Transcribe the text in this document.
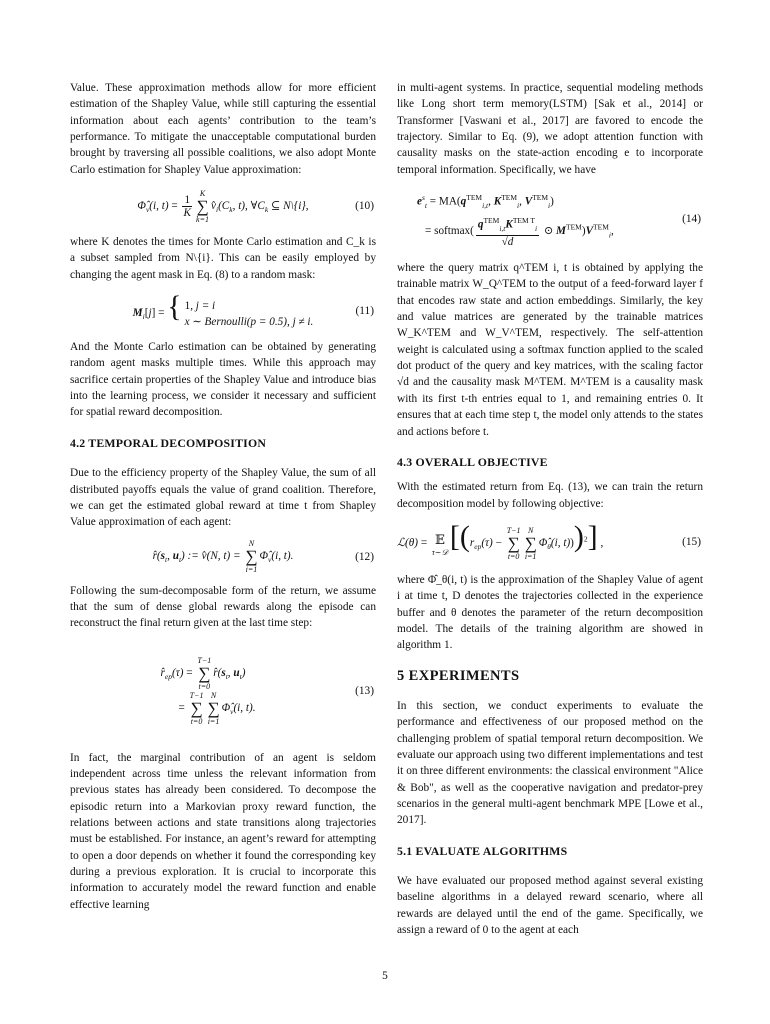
Value. These approximation methods allow for more efficient estimation of the Shapley Value, while still capturing the essential information about each agents’ contribution to the team’s performance. To mitigate the unacceptable computational burden brought by traversing all possible coalitions, we also adopt Monte Carlo estimation for Shapley Value approximation:

$\Phî_v(i$, $t) = \frac{1}{K}$
K
∑
k=1
$v̂_i(C_k$, t), $\forall C_k$ ⊆ N\{i},	(10)

where K denotes the times for Monte Carlo estimation and C_k is a subset sampled from N\{i}. This can be easily employed by changing the agent mask in Eq. (8) to a random mask:

$M_i[j]$ = { 1, j = i
x ∼ Bernoulli(p = 0.5), j ≠ i.
(11)

And the Monte Carlo estimation can be obtained by generating random agent masks multiple times. While this approach may sacrifice certain properties of the Shapley Value and introduce bias into the learning process, we consider it necessary and sufficient for spatial reward decomposition.

4.2 TEMPORAL DECOMPOSITION

Due to the efficiency property of the Shapley Value, the sum of all distributed payoffs equals the value of grand coalition. Therefore, we can get the estimated global reward at time t from Shapley Value approximation of each agent:

$r̂(s_t$, $u_t$) := v̂(N, t) =
N
∑
i=1
$\Phî_v(i$, t).	(12)

Following the sum-decomposable form of the return, we assume that the sum of dense global rewards along the episode can reconstruct the final return given at the last time step:

$r̂_{ep}(\tau)$ =
T−1
∑
t=0
$r̂(s_t$, $u_t$)
=
T−1
∑
t=0
N
∑
i=1
$\Phî_v(i$, t).
(13)

In fact, the marginal contribution of an agent is seldom independent across time unless the relevant information from previous states has already been considered. To decompose the episodic return into a Markovian proxy reward function, the relations between actions and state transitions along trajectories must be established. For instance, an agent’s reward for attempting to open a door depends on whether it found the corresponding key during a previous exploration. It is crucial to incorporate this information to accurately model the reward function and enable effective learning

in multi-agent systems. In practice, sequential modeling methods like Long short term memory(LSTM) [Sak et al., 2014] or Transformer [Vaswani et al., 2017] are favored to encode the trajectory. Similar to Eq. (9), we adopt attention function with causality masks on the state-action encoding e to incorporate temporal information. Specifically, we have

$e^s_t = MA(q^{TEM}_{i,t}$, $K^{TEM}_i$, $V^{TEM}_i$)
= softmax( $\frac{q^{TEM}_{i,t}K^{TEM T}_i}{√d}$ ⊙ $M^{TEM})V^{TEM}_i$,
(14)

where the query matrix q^TEM i, t is obtained by applying the trainable matrix W_Q^TEM to the output of a feed-forward layer f that encodes raw state and action embeddings. Similarly, the key and value matrices are generated by the trainable matrices W_K^TEM and W_V^TEM, respectively. The self-attention weight is calculated using a softmax function applied to the scaled dot product of the query and key matrices, with the scaling factor √d and the causality mask M^TEM. M^TEM is a causality mask with its first t-th entries equal to 1, and remaining entries 0. It ensures that at each time step t, the model only attends to the states and actions before t.

4.3 OVERALL OBJECTIVE

With the estimated return from Eq. (13), we can train the return decomposition model by following objective:

ℒ(θ) = 𝔼
τ∼𝒟 [($r_{ep}(\tau)$ −
T−1
∑
t=0
N
∑
i=1
$\Phî_\theta(i$, t)))$^2$] ,	(15)

where Φ̂_θ(i, t) is the approximation of the Shapley Value of agent i at time t, D denotes the trajectories collected in the experience buffer and θ denotes the parameter of the return decomposition model. The details of the training algorithm are showed in algorithm 1.

5 EXPERIMENTS

In this section, we conduct experiments to evaluate the performance and effectiveness of our proposed method on the challenging problem of spatial temporal return decomposition. We evaluate our approach using two different implementations and test it on three different environments: the classical environment "Alice & Bob", as well as the cooperative navigation and predator-prey scenarios in the general multi-agent benchmark MPE [Lowe et al., 2017].

5.1 EVALUATE ALGORITHMS

We have evaluated our proposed method against several existing baseline algorithms in a delayed reward scenario, where all rewards are delayed until the end of the game. Specifically, we assign a reward of 0 to the agent at each

5
